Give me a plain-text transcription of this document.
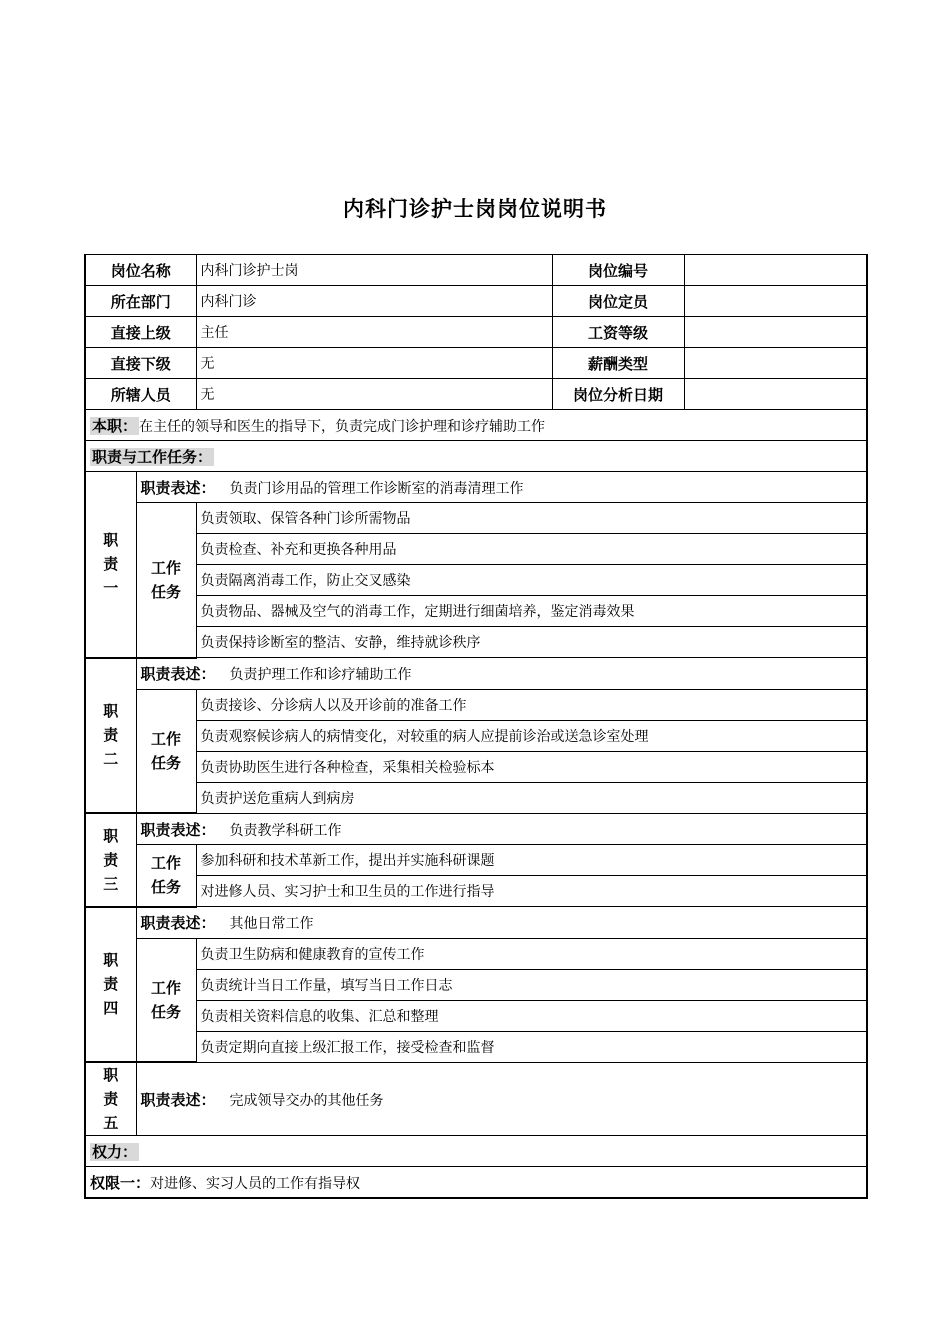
内科门诊护士岗岗位说明书
岗位名称		内科门诊护士岗	岗位编号	
所在部门		内科门诊	岗位定员	
直接上级		主任	工资等级	
直接下级		无	薪酬类型	
所辖人员		无	岗位分析日期	
本职： 在主任的领导和医生的指导下，负责完成门诊护理和诊疗辅助工作				
职责与工作任务：				
职责一	职责表述： 负责门诊用品的管理工作诊断室的消毒清理工作			
	工作任务	负责领取、保管各种门诊所需物品		
		负责检查、补充和更换各种用品		
		负责隔离消毒工作，防止交叉感染		
		负责物品、器械及空气的消毒工作，定期进行细菌培养，鉴定消毒效果		
		负责保持诊断室的整洁、安静，维持就诊秩序		
职责二	职责表述： 负责护理工作和诊疗辅助工作			
	工作任务	负责接诊、分诊病人以及开诊前的准备工作		
		负责观察候诊病人的病情变化，对较重的病人应提前诊治或送急诊室处理		
		负责协助医生进行各种检查，采集相关检验标本		
		负责护送危重病人到病房		
职责三	职责表述： 负责教学科研工作			
	工作任务	参加科研和技术革新工作，提出并实施科研课题		
		对进修人员、实习护士和卫生员的工作进行指导		
职责四	职责表述： 其他日常工作			
	工作任务	负责卫生防病和健康教育的宣传工作		
		负责统计当日工作量，填写当日工作日志		
		负责相关资料信息的收集、汇总和整理		
		负责定期向直接上级汇报工作，接受检查和监督		
职责五	职责表述： 完成领导交办的其他任务			
权力：				
权限一：对进修、实习人员的工作有指导权				
